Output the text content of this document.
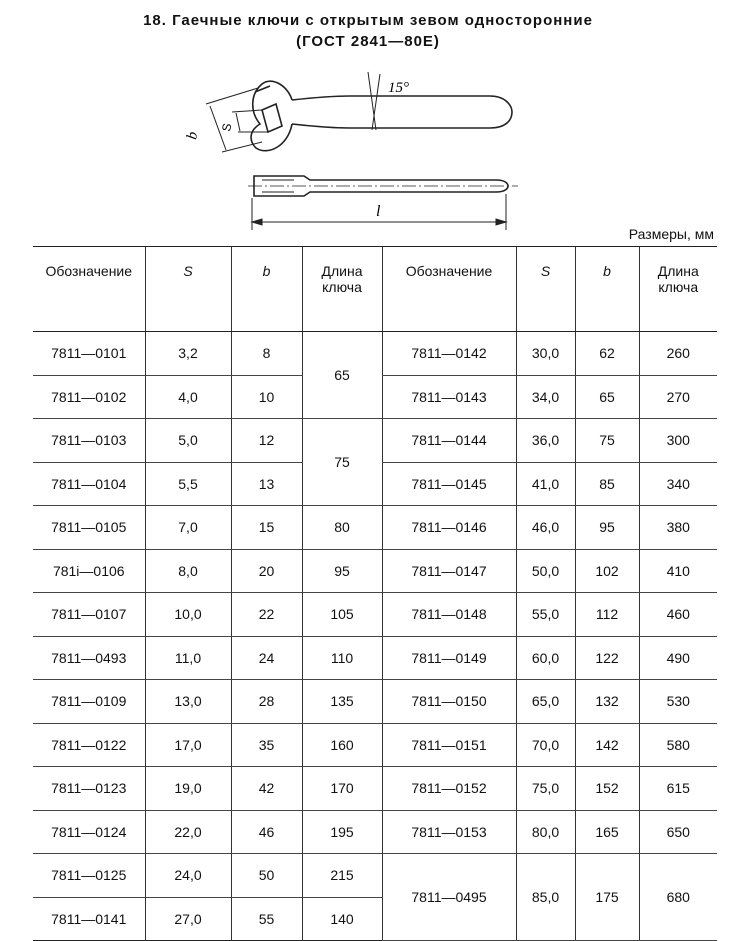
18. Гаечные ключи с открытым зевом односторонние
(ГОСТ 2841—80Е)
15°
b
S
l
Размеры, мм
Обозначение	S	b	Длина ключа	Обозначение	S	b	Длина ключа
7811—0101	3,2	8	65	7811—0142	30,0	62	260
7811—0102	4,0	10		7811—0143	34,0	65	270
7811—0103	5,0	12	75	7811—0144	36,0	75	300
7811—0104	5,5	13		7811—0145	41,0	85	340
7811—0105	7,0	15	80	7811—0146	46,0	95	380
781i—0106	8,0	20	95	7811—0147	50,0	102	410
7811—0107	10,0	22	105	7811—0148	55,0	112	460
7811—0493	11,0	24	110	7811—0149	60,0	122	490
7811—0109	13,0	28	135	7811—0150	65,0	132	530
7811—0122	17,0	35	160	7811—0151	70,0	142	580
7811—0123	19,0	42	170	7811—0152	75,0	152	615
7811—0124	22,0	46	195	7811—0153	80,0	165	650
7811—0125	24,0	50	215	7811—0495	85,0	175	680
7811—0141	27,0	55	140				
